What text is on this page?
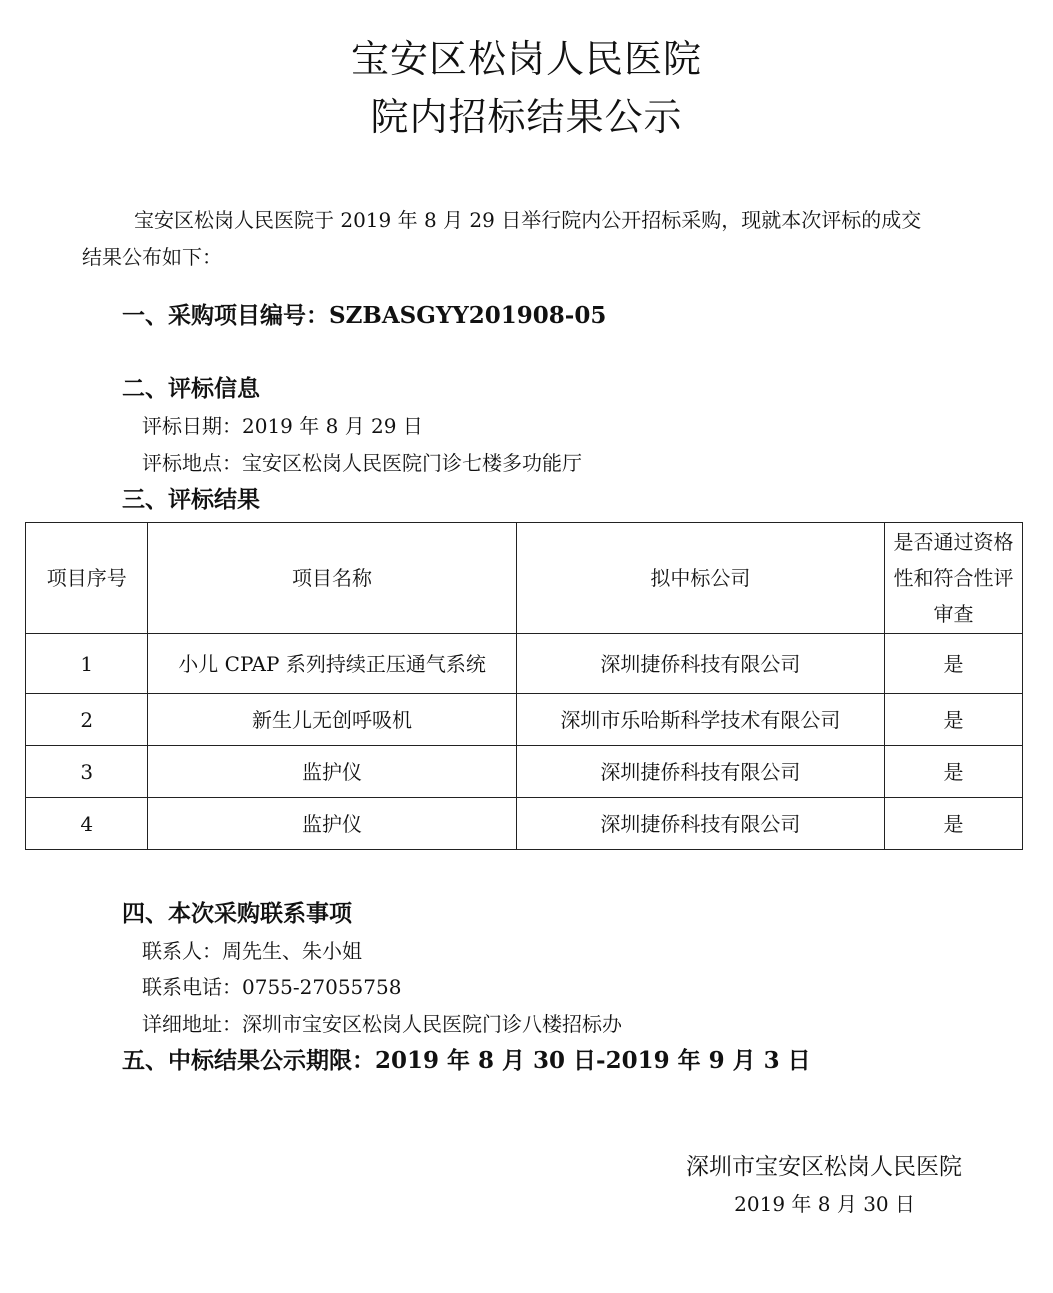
宝安区松岗人民医院
院内招标结果公示
宝安区松岗人民医院于 2019 年 8 月 29 日举行院内公开招标采购，现就本次评标的成交
结果公布如下：
一、采购项目编号：SZBASGYY201908-05
二、评标信息
评标日期：2019 年 8 月 29 日
评标地点：宝安区松岗人民医院门诊七楼多功能厅
三、评标结果
项目序号	项目名称	拟中标公司	是否通过资格性和符合性评审查
1	小儿 CPAP 系列持续正压通气系统	深圳捷侨科技有限公司	是
2	新生儿无创呼吸机	深圳市乐哈斯科学技术有限公司	是
3	监护仪	深圳捷侨科技有限公司	是
4	监护仪	深圳捷侨科技有限公司	是
四、本次采购联系事项
联系人：周先生、朱小姐
联系电话：0755-27055758
详细地址：深圳市宝安区松岗人民医院门诊八楼招标办
五、中标结果公示期限：2019 年 8 月 30 日-2019 年 9 月 3 日
深圳市宝安区松岗人民医院
2019 年 8 月 30 日
